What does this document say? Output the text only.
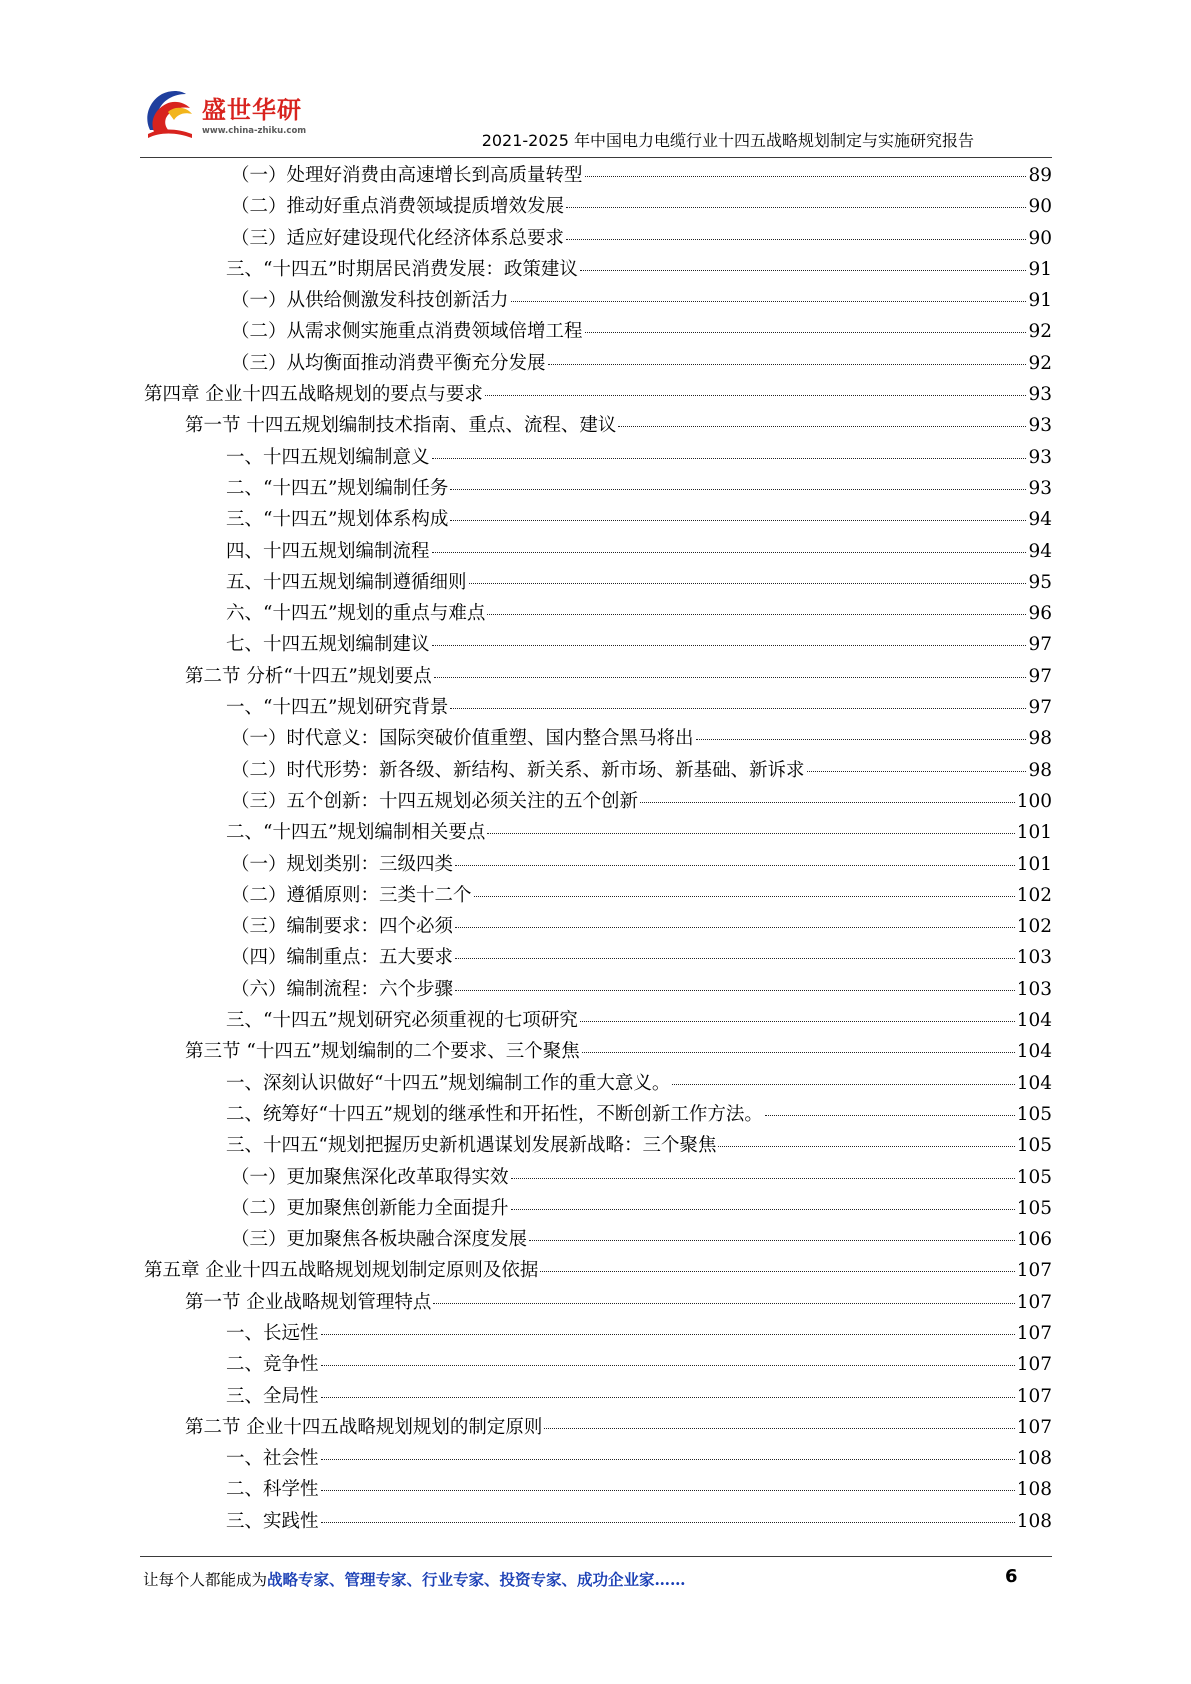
盛世华研
www.china-zhiku.com	2021-2025 年中国电力电缆行业十四五战略规划制定与实施研究报告
（一）处理好消费由高速增长到高质量转型	89
（二）推动好重点消费领域提质增效发展	90
（三）适应好建设现代化经济体系总要求	90
三、“十四五”时期居民消费发展：政策建议	91
（一）从供给侧激发科技创新活力	91
（二）从需求侧实施重点消费领域倍增工程	92
（三）从均衡面推动消费平衡充分发展	92
第四章 企业十四五战略规划的要点与要求	93
第一节 十四五规划编制技术指南、重点、流程、建议	93
一、十四五规划编制意义	93
二、“十四五”规划编制任务	93
三、“十四五”规划体系构成	94
四、十四五规划编制流程	94
五、十四五规划编制遵循细则	95
六、“十四五”规划的重点与难点	96
七、十四五规划编制建议	97
第二节 分析“十四五”规划要点	97
一、“十四五”规划研究背景	97
（一）时代意义：国际突破价值重塑、国内整合黑马将出	98
（二）时代形势：新各级、新结构、新关系、新市场、新基础、新诉求	98
（三）五个创新：十四五规划必须关注的五个创新	100
二、“十四五”规划编制相关要点	101
（一）规划类别：三级四类	101
（二）遵循原则：三类十二个	102
（三）编制要求：四个必须	102
（四）编制重点：五大要求	103
（六）编制流程：六个步骤	103
三、“十四五”规划研究必须重视的七项研究	104
第三节 “十四五”规划编制的二个要求、三个聚焦	104
一、深刻认识做好“十四五”规划编制工作的重大意义。	104
二、统筹好“十四五”规划的继承性和开拓性，不断创新工作方法。	105
三、十四五“规划把握历史新机遇谋划发展新战略：三个聚焦	105
（一）更加聚焦深化改革取得实效	105
（二）更加聚焦创新能力全面提升	105
（三）更加聚焦各板块融合深度发展	106
第五章 企业十四五战略规划规划制定原则及依据	107
第一节 企业战略规划管理特点	107
一、长远性	107
二、竞争性	107
三、全局性	107
第二节 企业十四五战略规划规划的制定原则	107
一、社会性	108
二、科学性	108
三、实践性	108
让每个人都能成为战略专家、管理专家、行业专家、投资专家、成功企业家……	6
